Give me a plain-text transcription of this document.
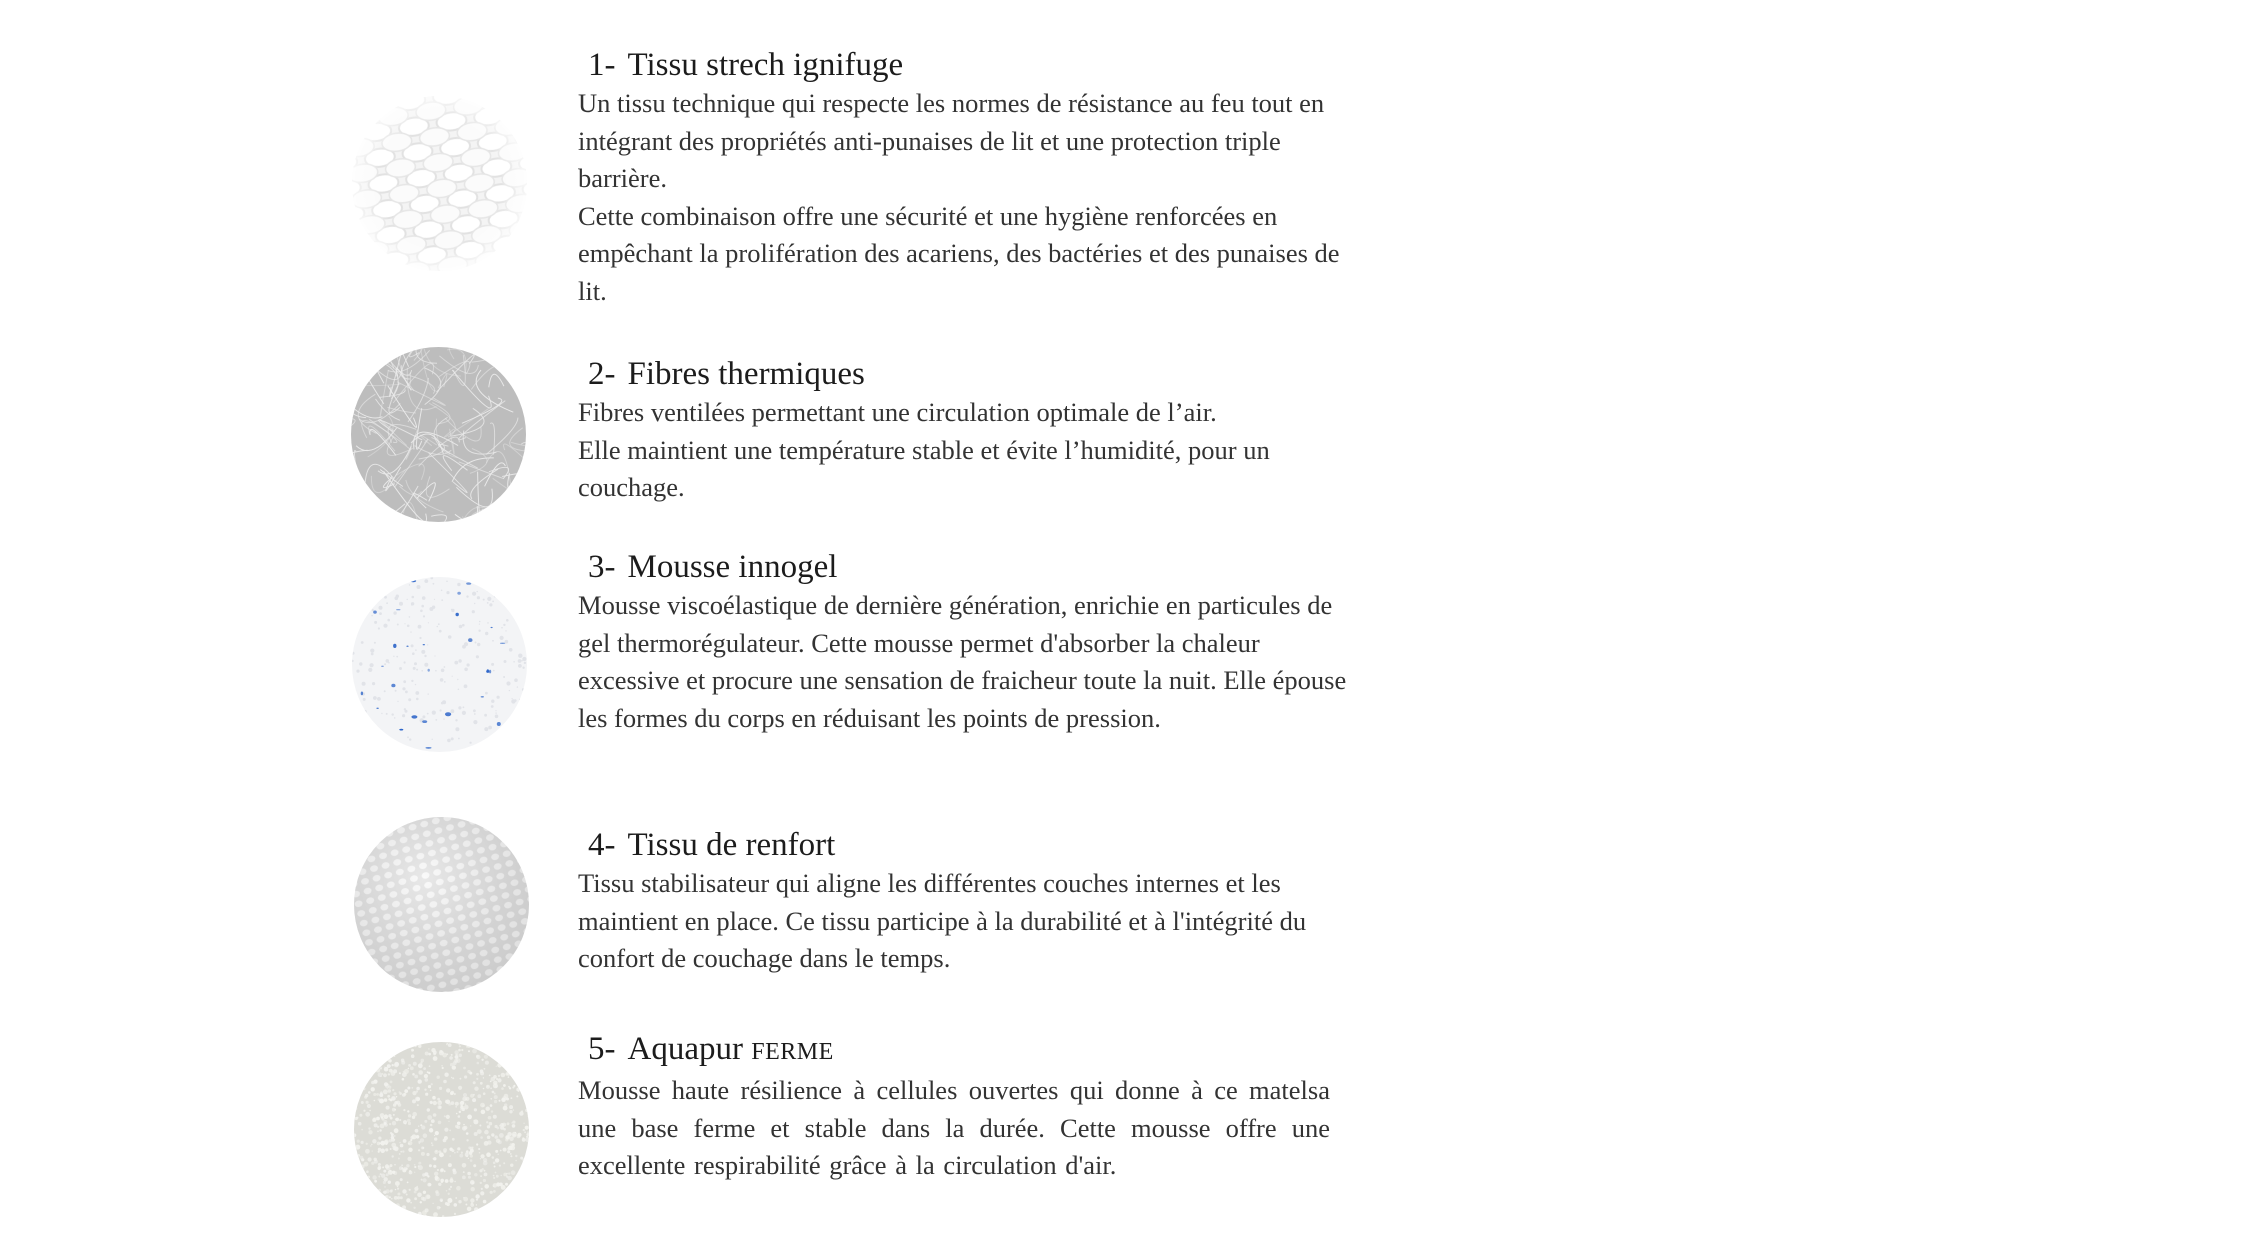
1- Tissu strech ignifuge

Un tissu technique qui respecte les normes de résistance au feu tout en intégrant des propriétés anti-punaises de lit et une protection triple barrière.

Cette combinaison offre une sécurité et une hygiène renforcées en empêchant la prolifération des acariens, des bactéries et des punaises de lit.

2- Fibres thermiques

Fibres ventilées permettant une circulation optimale de l’air.

Elle maintient une température stable et évite l’humidité, pour un couchage.

3- Mousse innogel

Mousse viscoélastique de dernière génération, enrichie en particules de gel thermorégulateur. Cette mousse permet d'absorber la chaleur excessive et procure une sensation de fraicheur toute la nuit. Elle épouse les formes du corps en réduisant les points de pression.

4- Tissu de renfort

Tissu stabilisateur qui aligne les différentes couches internes et les maintient en place. Ce tissu participe à la durabilité et à l'intégrité du confort de couchage dans le temps.

5- Aquapur FERME

Mousse haute résilience à cellules ouvertes qui donne à ce matelsa une base ferme et stable dans la durée. Cette mousse offre une excellente respirabilité grâce à la circulation d'air.
